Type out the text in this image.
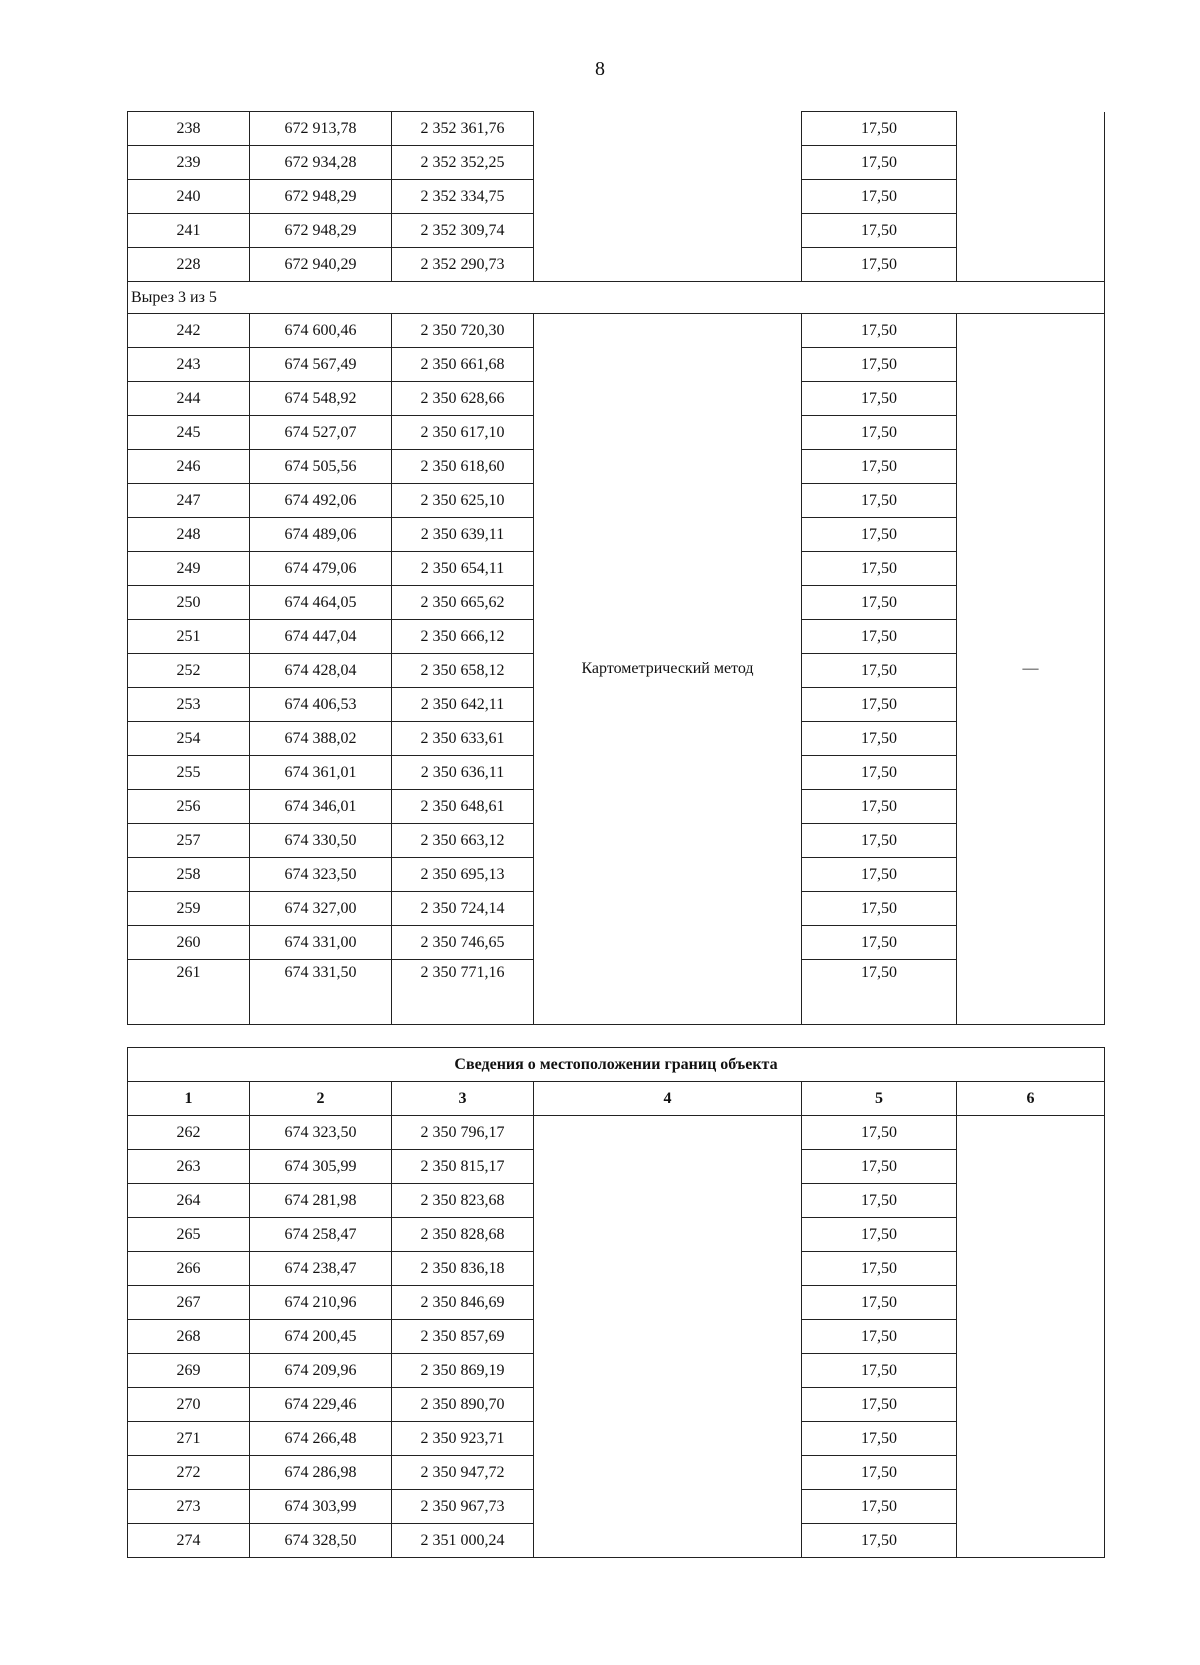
8
238	672 913,78	2 352 361,76		17,50	
239	672 934,28	2 352 352,25		17,50	
240	672 948,29	2 352 334,75		17,50	
241	672 948,29	2 352 309,74		17,50	
228	672 940,29	2 352 290,73		17,50	
Вырез 3 из 5					
242	674 600,46	2 350 720,30	Картометрический метод	17,50	—
243	674 567,49	2 350 661,68		17,50	
244	674 548,92	2 350 628,66		17,50	
245	674 527,07	2 350 617,10		17,50	
246	674 505,56	2 350 618,60		17,50	
247	674 492,06	2 350 625,10		17,50	
248	674 489,06	2 350 639,11		17,50	
249	674 479,06	2 350 654,11		17,50	
250	674 464,05	2 350 665,62		17,50	
251	674 447,04	2 350 666,12		17,50	
252	674 428,04	2 350 658,12		17,50	
253	674 406,53	2 350 642,11		17,50	
254	674 388,02	2 350 633,61		17,50	
255	674 361,01	2 350 636,11		17,50	
256	674 346,01	2 350 648,61		17,50	
257	674 330,50	2 350 663,12		17,50	
258	674 323,50	2 350 695,13		17,50	
259	674 327,00	2 350 724,14		17,50	
260	674 331,00	2 350 746,65		17,50	
261	674 331,50	2 350 771,16		17,50	
Сведения о местоположении границ объекта					
1	2	3	4	5	6
262	674 323,50	2 350 796,17		17,50	
263	674 305,99	2 350 815,17		17,50	
264	674 281,98	2 350 823,68		17,50	
265	674 258,47	2 350 828,68		17,50	
266	674 238,47	2 350 836,18		17,50	
267	674 210,96	2 350 846,69		17,50	
268	674 200,45	2 350 857,69		17,50	
269	674 209,96	2 350 869,19		17,50	
270	674 229,46	2 350 890,70		17,50	
271	674 266,48	2 350 923,71		17,50	
272	674 286,98	2 350 947,72		17,50	
273	674 303,99	2 350 967,73		17,50	
274	674 328,50	2 351 000,24		17,50	
